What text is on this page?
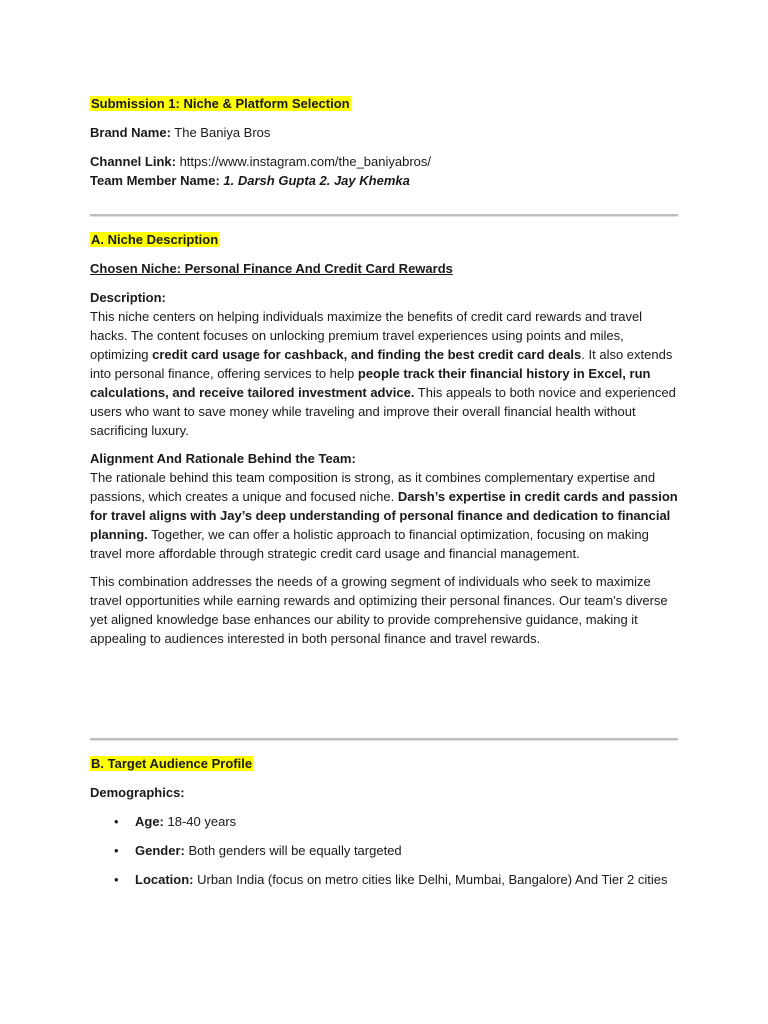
Submission 1: Niche & Platform Selection

Brand Name: The Baniya Bros

Channel Link: https://www.instagram.com/the_baniyabros/

Team Member Name: 1. Darsh Gupta 2. Jay Khemka

A. Niche Description

Chosen Niche: Personal Finance And Credit Card Rewards

Description:

This niche centers on helping individuals maximize the benefits of credit card rewards and travel hacks. The content focuses on unlocking premium travel experiences using points and miles, optimizing credit card usage for cashback, and finding the best credit card deals. It also extends into personal finance, offering services to help people track their financial history in Excel, run calculations, and receive tailored investment advice. This appeals to both novice and experienced users who want to save money while traveling and improve their overall financial health without sacrificing luxury.

Alignment And Rationale Behind the Team:

The rationale behind this team composition is strong, as it combines complementary expertise and passions, which creates a unique and focused niche. Darsh’s expertise in credit cards and passion for travel aligns with Jay’s deep understanding of personal finance and dedication to financial planning. Together, we can offer a holistic approach to financial optimization, focusing on making travel more affordable through strategic credit card usage and financial management.

This combination addresses the needs of a growing segment of individuals who seek to maximize travel opportunities while earning rewards and optimizing their personal finances. Our team's diverse yet aligned knowledge base enhances our ability to provide comprehensive guidance, making it appealing to audiences interested in both personal finance and travel rewards.

B. Target Audience Profile

Demographics:

• Age: 18-40 years
• Gender: Both genders will be equally targeted
• Location: Urban India (focus on metro cities like Delhi, Mumbai, Bangalore) And Tier 2 cities
